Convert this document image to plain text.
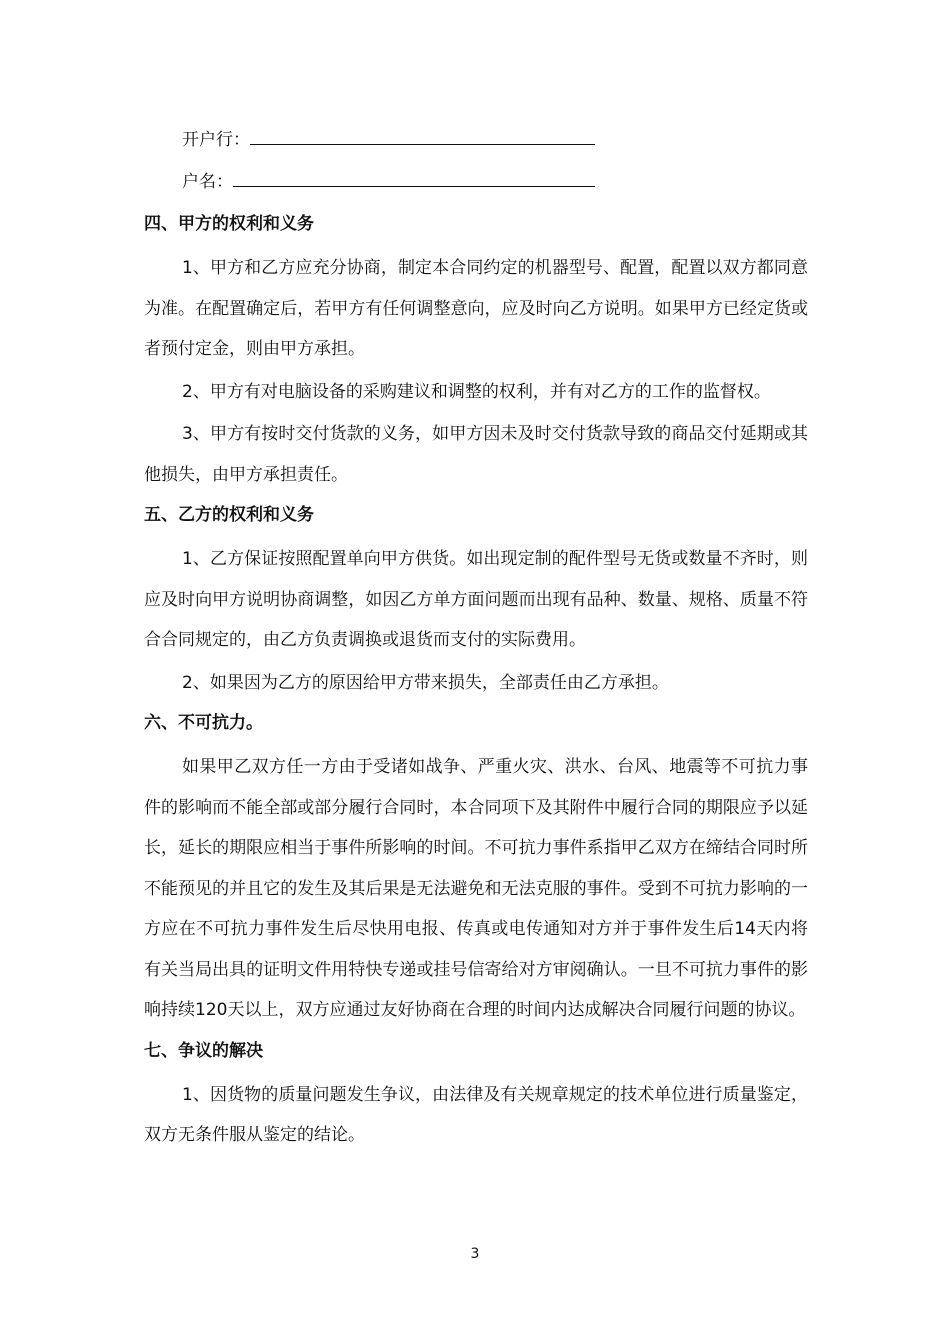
开户行：
户名：
四、甲方的权利和义务

1、甲方和乙方应充分协商，制定本合同约定的机器型号、配置，配置以双方都同意为准。在配置确定后，若甲方有任何调整意向，应及时向乙方说明。如果甲方已经定货或者预付定金，则由甲方承担。

2、甲方有对电脑设备的采购建议和调整的权利，并有对乙方的工作的监督权。

3、甲方有按时交付货款的义务，如甲方因未及时交付货款导致的商品交付延期或其他损失，由甲方承担责任。

五、乙方的权利和义务

1、乙方保证按照配置单向甲方供货。如出现定制的配件型号无货或数量不齐时，则应及时向甲方说明协商调整，如因乙方单方面问题而出现有品种、数量、规格、质量不符合合同规定的，由乙方负责调换或退货而支付的实际费用。

2、如果因为乙方的原因给甲方带来损失，全部责任由乙方承担。

六、不可抗力。

如果甲乙双方任一方由于受诸如战争、严重火灾、洪水、台风、地震等不可抗力事件的影响而不能全部或部分履行合同时，本合同项下及其附件中履行合同的期限应予以延长，延长的期限应相当于事件所影响的时间。不可抗力事件系指甲乙双方在缔结合同时所不能预见的并且它的发生及其后果是无法避免和无法克服的事件。受到不可抗力影响的一方应在不可抗力事件发生后尽快用电报、传真或电传通知对方并于事件发生后14天内将有关当局出具的证明文件用特快专递或挂号信寄给对方审阅确认。一旦不可抗力事件的影响持续120天以上，双方应通过友好协商在合理的时间内达成解决合同履行问题的协议。

七、争议的解决

1、因货物的质量问题发生争议，由法律及有关规章规定的技术单位进行质量鉴定，双方无条件服从鉴定的结论。

3
